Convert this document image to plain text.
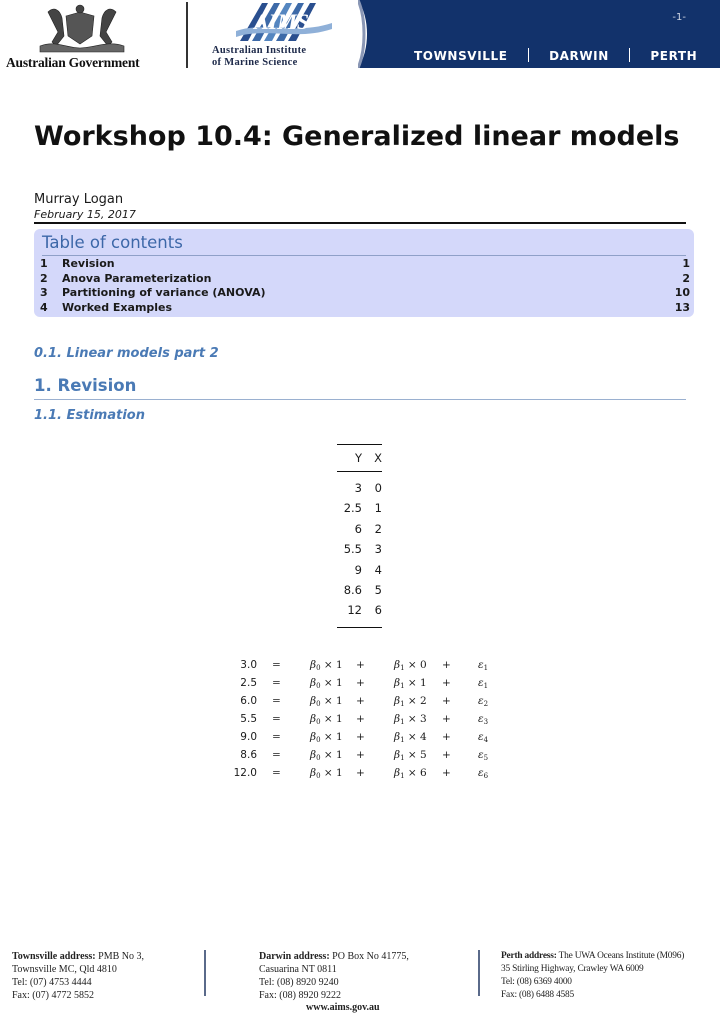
Australian Government
AIMS
Australian Institute
of Marine Science
-1-
TOWNSVILLE	DARWIN	PERTH
Workshop 10.4: Generalized linear models
Murray Logan
February 15, 2017
Table of contents
1	Revision	1
2	Anova Parameterization	2
3	Partitioning of variance (ANOVA)	10
4	Worked Examples	13
0.1. Linear models part 2
1. Revision
1.1. Estimation
Y	X
3	0
2.5	1
6	2
5.5	3
9	4
8.6	5
12	6
3.0 =	$\beta_0 \times 1$ +	$\beta_1 \times 0$ +	$\varepsilon_1$
2.5 =	$\beta_0 \times 1$ +	$\beta_1 \times 1$ +	$\varepsilon_1$
6.0 =	$\beta_0 \times 1$ +	$\beta_1 \times 2$ +	$\varepsilon_2$
5.5 =	$\beta_0 \times 1$ +	$\beta_1 \times 3$ +	$\varepsilon_3$
9.0 =	$\beta_0 \times 1$ +	$\beta_1 \times 4$ +	$\varepsilon_4$
8.6 =	$\beta_0 \times 1$ +	$\beta_1 \times 5$ +	$\varepsilon_5$
12.0 =	$\beta_0 \times 1$ +	$\beta_1 \times 6$ +	$\varepsilon_6$
Townsville address: PMB No 3,
Townsville MC, Qld 4810
Tel: (07) 4753 4444
Fax: (07) 4772 5852
Darwin address: PO Box No 41775,
Casuarina NT 0811
Tel: (08) 8920 9240
Fax: (08) 8920 9222
Perth address: The UWA Oceans Institute (M096)
35 Stirling Highway, Crawley WA 6009
Tel: (08) 6369 4000
Fax: (08) 6488 4585
www.aims.gov.au
